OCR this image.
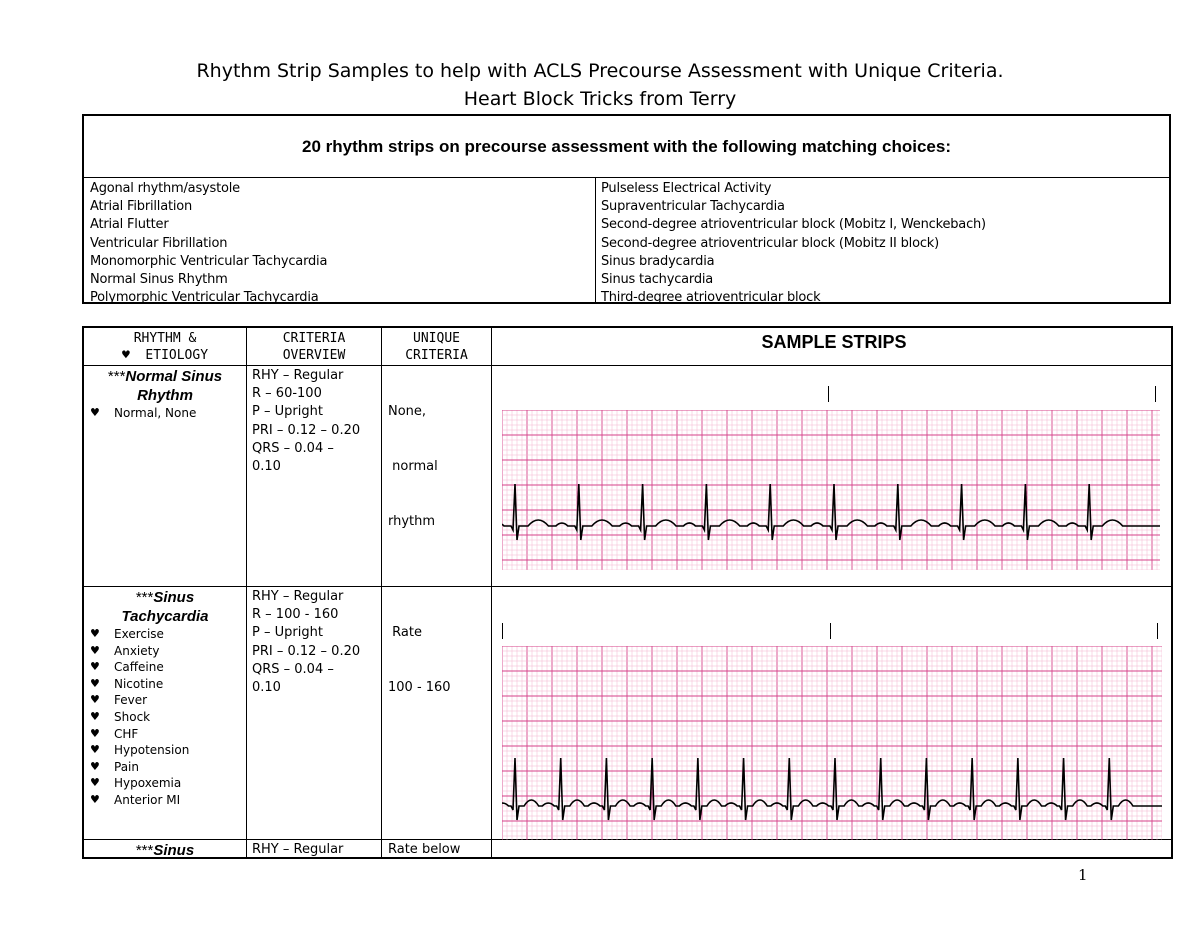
Rhythm Strip Samples to help with ACLS Precourse Assessment with Unique Criteria.
Heart Block Tricks from Terry
20 rhythm strips on precourse assessment with the following matching choices:
Agonal rhythm/asystole
Atrial Fibrillation
Atrial Flutter
Ventricular Fibrillation
Monomorphic Ventricular Tachycardia
Normal Sinus Rhythm
Polymorphic Ventricular Tachycardia
Pulseless Electrical Activity
Supraventricular Tachycardia
Second-degree atrioventricular block (Mobitz I, Wenckebach)
Second-degree atrioventricular block (Mobitz II block)
Sinus bradycardia
Sinus tachycardia
Third-degree atrioventricular block
RHYTHM &
♥ ETIOLOGY
CRITERIA
OVERVIEW
UNIQUE
CRITERIA
SAMPLE STRIPS
***Normal Sinus
Rhythm
♥ Normal, None
RHY – Regular
R – 60-100
P – Upright
PRI – 0.12 – 0.20
QRS – 0.04 –
0.10

None,

normal

rhythm

***Sinus
Tachycardia
♥ Exercise
♥ Anxiety
♥ Caffeine
♥ Nicotine
♥ Fever
♥ Shock
♥ CHF
♥ Hypotension
♥ Pain
♥ Hypoxemia
♥ Anterior MI
RHY – Regular
R – 100 - 160
P – Upright
PRI – 0.12 – 0.20
QRS – 0.04 –
0.10

Rate

100 - 160

***Sinus	RHY – Regular	Rate below
1
